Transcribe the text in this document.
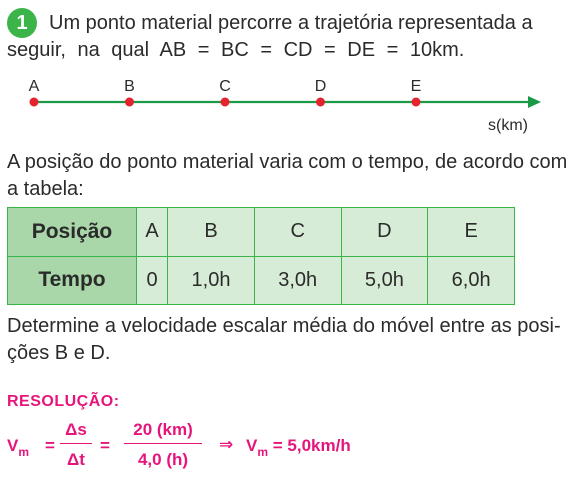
1	Um ponto material percorre a trajetória representada a
seguir, na qual AB = BC = CD = DE = 10km.
A	B	C	D	E
s(km)
A posição do ponto material varia com o tempo, de acordo com
a tabela:
Posição	A	B	C	D	E
Tempo	0	1,0h	3,0h	5,0h	6,0h
Determine a velocidade escalar média do móvel entre as posi-
ções B e D.
RESOLUÇÃO:
$V_m$ =
Δs
Δt
=
20 (km)
4,0 (h)
⇒ $V_m = 5,0km/h$
